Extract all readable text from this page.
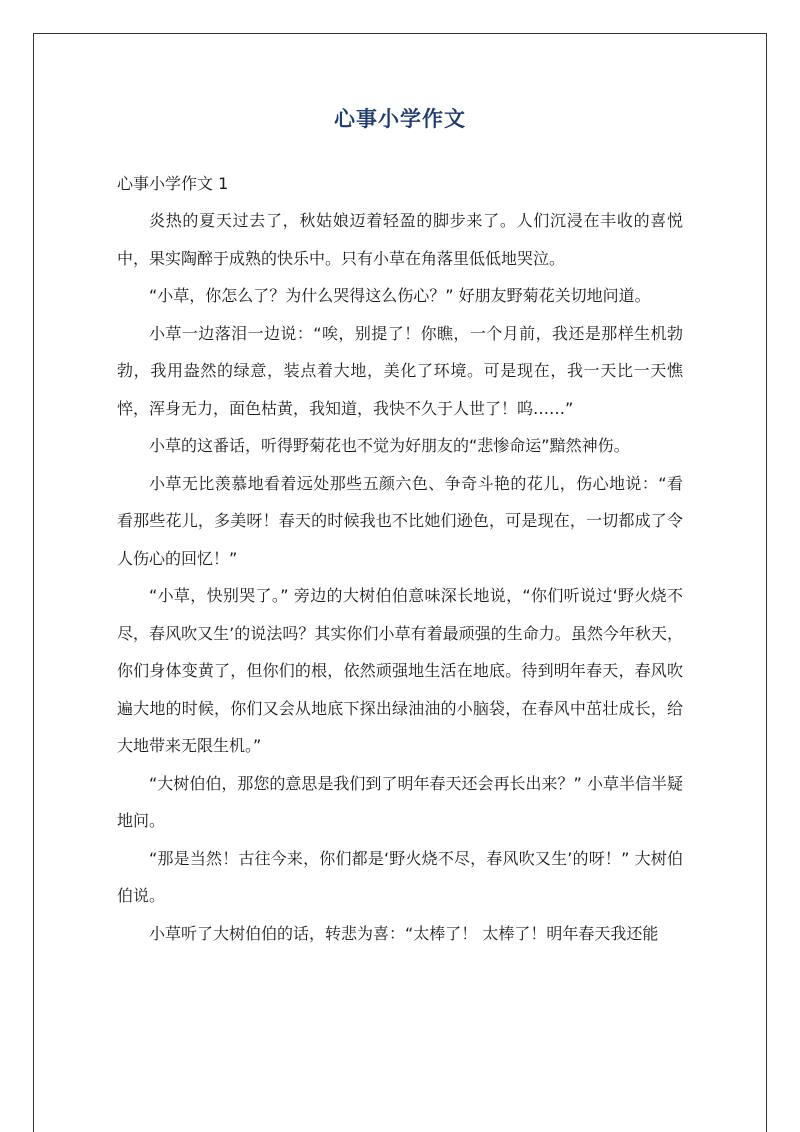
心事小学作文

心事小学作文 1

炎热的夏天过去了，秋姑娘迈着轻盈的脚步来了。人们沉浸在丰收的喜悦中，果实陶醉于成熟的快乐中。只有小草在角落里低低地哭泣。

“小草，你怎么了？为什么哭得这么伤心？” 好朋友野菊花关切地问道。

小草一边落泪一边说：“唉，别提了！你瞧，一个月前，我还是那样生机勃勃，我用盎然的绿意，装点着大地，美化了环境。可是现在，我一天比一天憔悴，浑身无力，面色枯黄，我知道，我快不久于人世了！呜……”

小草的这番话，听得野菊花也不觉为好朋友的“悲惨命运”黯然神伤。

小草无比羡慕地看着远处那些五颜六色、争奇斗艳的花儿，伤心地说：“看看那些花儿，多美呀！春天的时候我也不比她们逊色，可是现在，一切都成了令人伤心的回忆！”

“小草，快别哭了。” 旁边的大树伯伯意味深长地说，“你们听说过‘野火烧不尽，春风吹又生’的说法吗？其实你们小草有着最顽强的生命力。虽然今年秋天，你们身体变黄了，但你们的根，依然顽强地生活在地底。待到明年春天，春风吹遍大地的时候，你们又会从地底下探出绿油油的小脑袋，在春风中茁壮成长，给大地带来无限生机。”

“大树伯伯，那您的意思是我们到了明年春天还会再长出来？” 小草半信半疑地问。

“那是当然！古往今来，你们都是‘野火烧不尽，春风吹又生’的呀！” 大树伯伯说。

小草听了大树伯伯的话，转悲为喜：“太棒了！ 太棒了！明年春天我还能
